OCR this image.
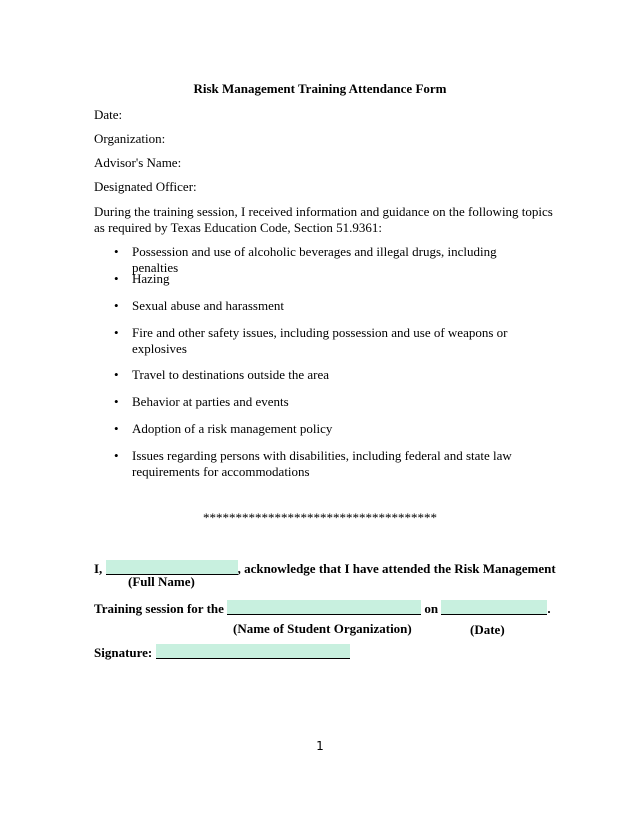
Risk Management Training Attendance Form
Date:
Organization:
Advisor's Name:
Designated Officer:
During the training session, I received information and guidance on the following topics as required by Texas Education Code, Section 51.9361:
• Possession and use of alcoholic beverages and illegal drugs, including penalties
• Hazing
• Sexual abuse and harassment
• Fire and other safety issues, including possession and use of weapons or explosives
• Travel to destinations outside the area
• Behavior at parties and events
• Adoption of a risk management policy
• Issues regarding persons with disabilities, including federal and state law requirements for accommodations
************************************
I,	, acknowledge that I have attended the Risk Management
(Full Name)
Training session for the	on	.
(Name of Student Organization)	(Date)
Signature:
1
